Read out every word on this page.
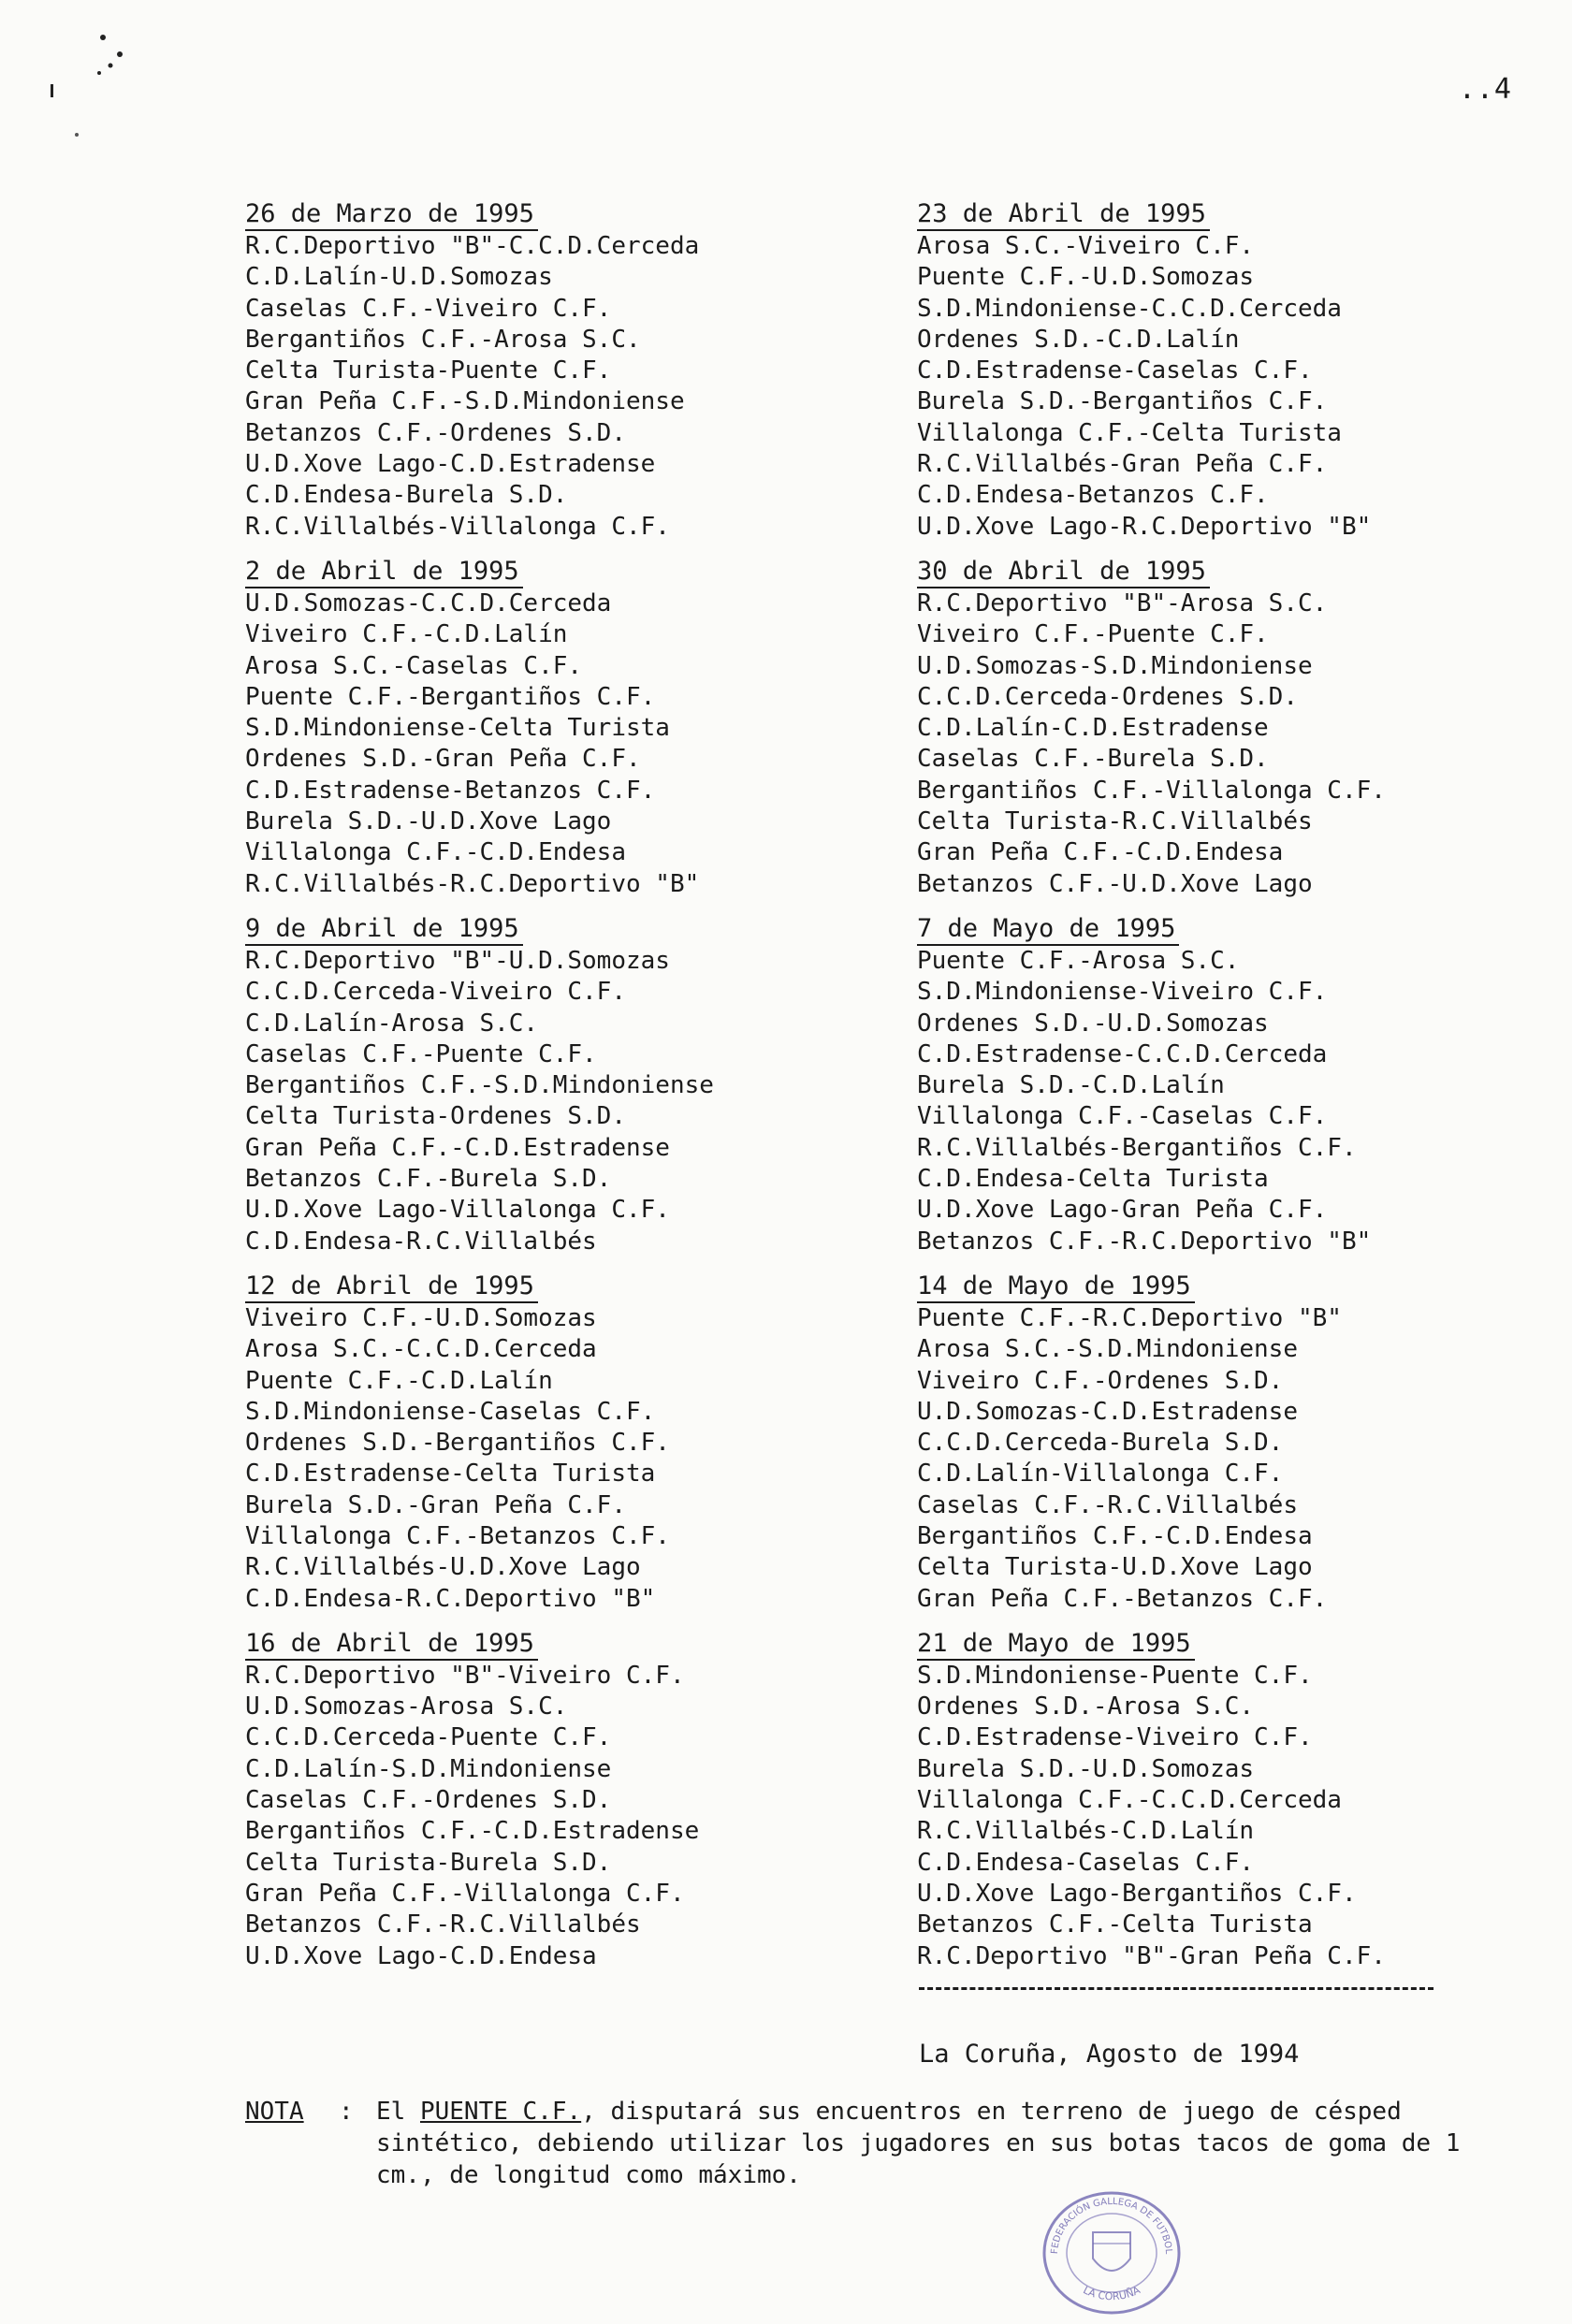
..4
26 de Marzo de 1995
R.C.Deportivo "B"-C.C.D.Cerceda
C.D.Lalín-U.D.Somozas
Caselas C.F.-Viveiro C.F.
Bergantiños C.F.-Arosa S.C.
Celta Turista-Puente C.F.
Gran Peña C.F.-S.D.Mindoniense
Betanzos C.F.-Ordenes S.D.
U.D.Xove Lago-C.D.Estradense
C.D.Endesa-Burela S.D.
R.C.Villalbés-Villalonga C.F.
2 de Abril de 1995
U.D.Somozas-C.C.D.Cerceda
Viveiro C.F.-C.D.Lalín
Arosa S.C.-Caselas C.F.
Puente C.F.-Bergantiños C.F.
S.D.Mindoniense-Celta Turista
Ordenes S.D.-Gran Peña C.F.
C.D.Estradense-Betanzos C.F.
Burela S.D.-U.D.Xove Lago
Villalonga C.F.-C.D.Endesa
R.C.Villalbés-R.C.Deportivo "B"
9 de Abril de 1995
R.C.Deportivo "B"-U.D.Somozas
C.C.D.Cerceda-Viveiro C.F.
C.D.Lalín-Arosa S.C.
Caselas C.F.-Puente C.F.
Bergantiños C.F.-S.D.Mindoniense
Celta Turista-Ordenes S.D.
Gran Peña C.F.-C.D.Estradense
Betanzos C.F.-Burela S.D.
U.D.Xove Lago-Villalonga C.F.
C.D.Endesa-R.C.Villalbés
12 de Abril de 1995
Viveiro C.F.-U.D.Somozas
Arosa S.C.-C.C.D.Cerceda
Puente C.F.-C.D.Lalín
S.D.Mindoniense-Caselas C.F.
Ordenes S.D.-Bergantiños C.F.
C.D.Estradense-Celta Turista
Burela S.D.-Gran Peña C.F.
Villalonga C.F.-Betanzos C.F.
R.C.Villalbés-U.D.Xove Lago
C.D.Endesa-R.C.Deportivo "B"
16 de Abril de 1995
R.C.Deportivo "B"-Viveiro C.F.
U.D.Somozas-Arosa S.C.
C.C.D.Cerceda-Puente C.F.
C.D.Lalín-S.D.Mindoniense
Caselas C.F.-Ordenes S.D.
Bergantiños C.F.-C.D.Estradense
Celta Turista-Burela S.D.
Gran Peña C.F.-Villalonga C.F.
Betanzos C.F.-R.C.Villalbés
U.D.Xove Lago-C.D.Endesa
23 de Abril de 1995
Arosa S.C.-Viveiro C.F.
Puente C.F.-U.D.Somozas
S.D.Mindoniense-C.C.D.Cerceda
Ordenes S.D.-C.D.Lalín
C.D.Estradense-Caselas C.F.
Burela S.D.-Bergantiños C.F.
Villalonga C.F.-Celta Turista
R.C.Villalbés-Gran Peña C.F.
C.D.Endesa-Betanzos C.F.
U.D.Xove Lago-R.C.Deportivo "B"
30 de Abril de 1995
R.C.Deportivo "B"-Arosa S.C.
Viveiro C.F.-Puente C.F.
U.D.Somozas-S.D.Mindoniense
C.C.D.Cerceda-Ordenes S.D.
C.D.Lalín-C.D.Estradense
Caselas C.F.-Burela S.D.
Bergantiños C.F.-Villalonga C.F.
Celta Turista-R.C.Villalbés
Gran Peña C.F.-C.D.Endesa
Betanzos C.F.-U.D.Xove Lago
7 de Mayo de 1995
Puente C.F.-Arosa S.C.
S.D.Mindoniense-Viveiro C.F.
Ordenes S.D.-U.D.Somozas
C.D.Estradense-C.C.D.Cerceda
Burela S.D.-C.D.Lalín
Villalonga C.F.-Caselas C.F.
R.C.Villalbés-Bergantiños C.F.
C.D.Endesa-Celta Turista
U.D.Xove Lago-Gran Peña C.F.
Betanzos C.F.-R.C.Deportivo "B"
14 de Mayo de 1995
Puente C.F.-R.C.Deportivo "B"
Arosa S.C.-S.D.Mindoniense
Viveiro C.F.-Ordenes S.D.
U.D.Somozas-C.D.Estradense
C.C.D.Cerceda-Burela S.D.
C.D.Lalín-Villalonga C.F.
Caselas C.F.-R.C.Villalbés
Bergantiños C.F.-C.D.Endesa
Celta Turista-U.D.Xove Lago
Gran Peña C.F.-Betanzos C.F.
21 de Mayo de 1995
S.D.Mindoniense-Puente C.F.
Ordenes S.D.-Arosa S.C.
C.D.Estradense-Viveiro C.F.
Burela S.D.-U.D.Somozas
Villalonga C.F.-C.C.D.Cerceda
R.C.Villalbés-C.D.Lalín
C.D.Endesa-Caselas C.F.
U.D.Xove Lago-Bergantiños C.F.
Betanzos C.F.-Celta Turista
R.C.Deportivo "B"-Gran Peña C.F.
La Coruña, Agosto de 1994
NOTA : El PUENTE C.F., disputará sus encuentros en terreno de juego de césped sintético, debiendo utilizar los jugadores en sus botas tacos de goma de 1 cm., de longitud como máximo.
FEDERACIÓN GALLEGA DE FUTBOL
LA CORUÑA
